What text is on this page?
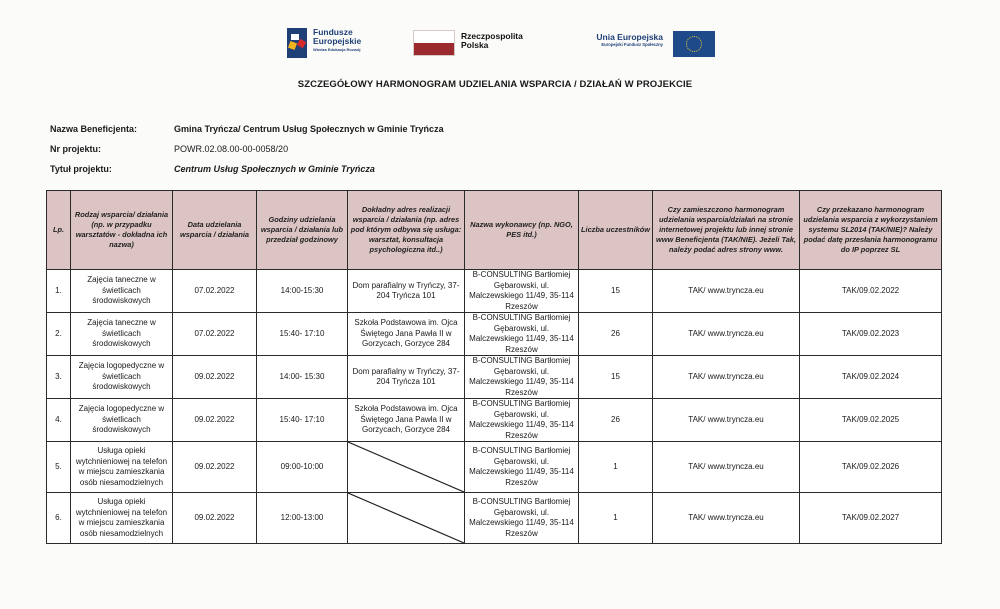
Fundusze
Europejskie
Wiedza Edukacja Rozwój
Rzeczpospolita
Polska
Unia Europejska
Europejski Fundusz Społeczny
SZCZEGÓŁOWY HARMONOGRAM UDZIELANIA WSPARCIA / DZIAŁAŃ W PROJEKCIE
Nazwa Beneficjenta:	Gmina Tryńcza/ Centrum Usług Społecznych w Gminie Tryńcza
Nr projektu:	POWR.02.08.00-00-0058/20
Tytuł projektu:	Centrum Usług Społecznych w Gminie Tryńcza
Lp.	Rodzaj wsparcia/ działania (np. w przypadku warsztatów - dokładna ich nazwa)	Data udzielania wsparcia / działania	Godziny udzielania wsparcia / działania lub przedział godzinowy	Dokładny adres realizacji wsparcia / działania (np. adres pod którym odbywa się usługa: warsztat, konsultacja psychologiczna itd..)	Nazwa wykonawcy (np. NGO, PES itd.)	Liczba uczestników	Czy zamieszczono harmonogram udzielania wsparcia/działań na stronie internetowej projektu lub innej stronie www Beneficjenta (TAK/NIE). Jeżeli Tak, należy podać adres strony www.	Czy przekazano harmonogram udzielania wsparcia z wykorzystaniem systemu SL2014 (TAK/NIE)? Należy podać datę przesłania harmonogramu do IP poprzez SL
1.	Zajęcia taneczne w świetlicach środowiskowych	07.02.2022	14:00-15:30	Dom parafialny w Tryńczy, 37-204 Tryńcza 101	B-CONSULTING Bartłomiej Gębarowski, ul. Malczewskiego 11/49, 35-114 Rzeszów	15	TAK/ www.tryncza.eu	TAK/09.02.2022
2.	Zajęcia taneczne w świetlicach środowiskowych	07.02.2022	15:40- 17:10	Szkoła Podstawowa im. Ojca Świętego Jana Pawła II w Gorzycach, Gorzyce 284	B-CONSULTING Bartłomiej Gębarowski, ul. Malczewskiego 11/49, 35-114 Rzeszów	26	TAK/ www.tryncza.eu	TAK/09.02.2023
3.	Zajęcia logopedyczne w świetlicach środowiskowych	09.02.2022	14:00- 15:30	Dom parafialny w Tryńczy, 37-204 Tryńcza 101	B-CONSULTING Bartłomiej Gębarowski, ul. Malczewskiego 11/49, 35-114 Rzeszów	15	TAK/ www.tryncza.eu	TAK/09.02.2024
4.	Zajęcia logopedyczne w świetlicach środowiskowych	09.02.2022	15:40- 17:10	Szkoła Podstawowa im. Ojca Świętego Jana Pawła II w Gorzycach, Gorzyce 284	B-CONSULTING Bartłomiej Gębarowski, ul. Malczewskiego 11/49, 35-114 Rzeszów	26	TAK/ www.tryncza.eu	TAK/09.02.2025
5.	Usługa opieki wytchnieniowej na telefon w miejscu zamieszkania osób niesamodzielnych	09.02.2022	09:00-10:00		B-CONSULTING Bartłomiej Gębarowski, ul. Malczewskiego 11/49, 35-114 Rzeszów	1	TAK/ www.tryncza.eu	TAK/09.02.2026
6.	Usługa opieki wytchnieniowej na telefon w miejscu zamieszkania osób niesamodzielnych	09.02.2022	12:00-13:00		B-CONSULTING Bartłomiej Gębarowski, ul. Malczewskiego 11/49, 35-114 Rzeszów	1	TAK/ www.tryncza.eu	TAK/09.02.2027
